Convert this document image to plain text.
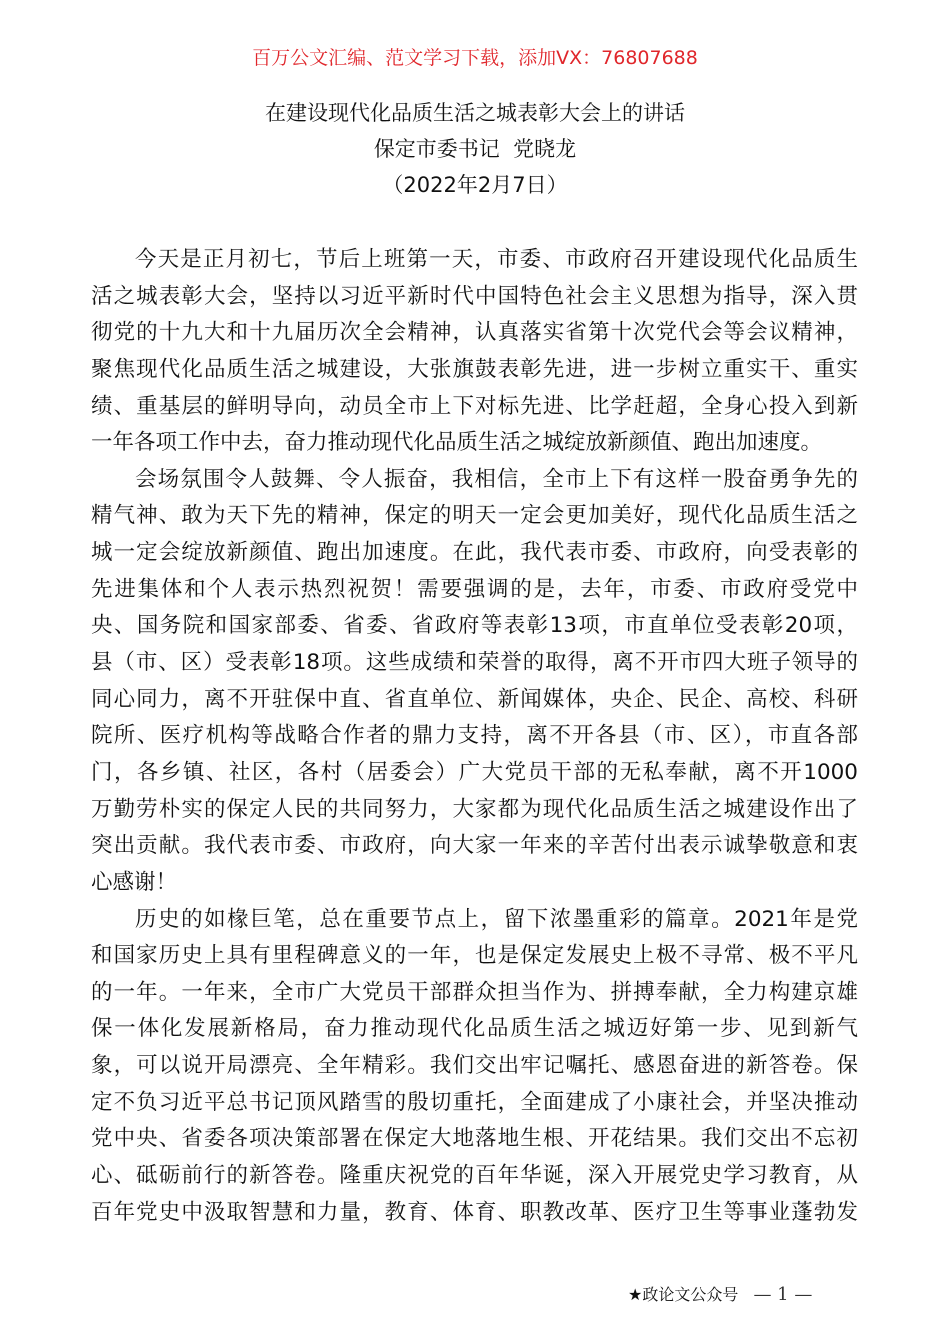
百万公文汇编、范文学习下载，添加VX：76807688
在建设现代化品质生活之城表彰大会上的讲话
保定市委书记  党晓龙
（2022年2月7日）
今天是正月初七，节后上班第一天，市委、市政府召开建设现代化品质生
活之城表彰大会，坚持以习近平新时代中国特色社会主义思想为指导，深入贯
彻党的十九大和十九届历次全会精神，认真落实省第十次党代会等会议精神，
聚焦现代化品质生活之城建设，大张旗鼓表彰先进，进一步树立重实干、重实
绩、重基层的鲜明导向，动员全市上下对标先进、比学赶超，全身心投入到新
一年各项工作中去，奋力推动现代化品质生活之城绽放新颜值、跑出加速度。
会场氛围令人鼓舞、令人振奋，我相信，全市上下有这样一股奋勇争先的
精气神、敢为天下先的精神，保定的明天一定会更加美好，现代化品质生活之
城一定会绽放新颜值、跑出加速度。在此，我代表市委、市政府，向受表彰的
先进集体和个人表示热烈祝贺！需要强调的是，去年，市委、市政府受党中
央、国务院和国家部委、省委、省政府等表彰13项，市直单位受表彰20项，
县（市、区）受表彰18项。这些成绩和荣誉的取得，离不开市四大班子领导的
同心同力，离不开驻保中直、省直单位、新闻媒体，央企、民企、高校、科研
院所、医疗机构等战略合作者的鼎力支持，离不开各县（市、区），市直各部
门，各乡镇、社区，各村（居委会）广大党员干部的无私奉献，离不开1000
万勤劳朴实的保定人民的共同努力，大家都为现代化品质生活之城建设作出了
突出贡献。我代表市委、市政府，向大家一年来的辛苦付出表示诚挚敬意和衷
心感谢！
历史的如椽巨笔，总在重要节点上，留下浓墨重彩的篇章。2021年是党
和国家历史上具有里程碑意义的一年，也是保定发展史上极不寻常、极不平凡
的一年。一年来，全市广大党员干部群众担当作为、拼搏奉献，全力构建京雄
保一体化发展新格局，奋力推动现代化品质生活之城迈好第一步、见到新气
象，可以说开局漂亮、全年精彩。我们交出牢记嘱托、感恩奋进的新答卷。保
定不负习近平总书记顶风踏雪的殷切重托，全面建成了小康社会，并坚决推动
党中央、省委各项决策部署在保定大地落地生根、开花结果。我们交出不忘初
心、砥砺前行的新答卷。隆重庆祝党的百年华诞，深入开展党史学习教育，从
百年党史中汲取智慧和力量，教育、体育、职教改革、医疗卫生等事业蓬勃发
★政论文公众号 — 1 —
